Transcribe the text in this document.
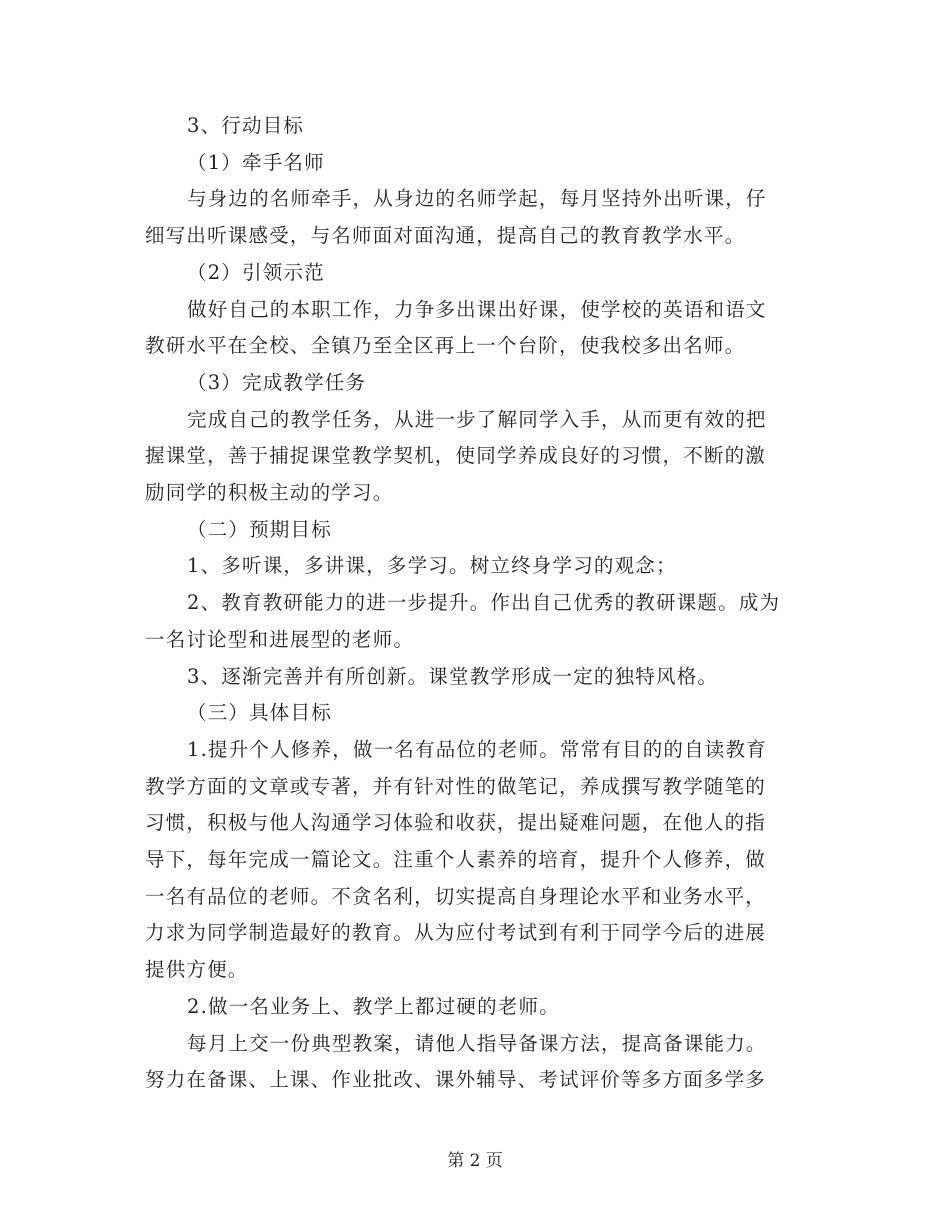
3、行动目标

（1）牵手名师

与身边的名师牵手，从身边的名师学起，每月坚持外出听课，仔

细写出听课感受，与名师面对面沟通，提高自己的教育教学水平。

（2）引领示范

做好自己的本职工作，力争多出课出好课，使学校的英语和语文

教研水平在全校、全镇乃至全区再上一个台阶，使我校多出名师。

（3）完成教学任务

完成自己的教学任务，从进一步了解同学入手，从而更有效的把

握课堂，善于捕捉课堂教学契机，使同学养成良好的习惯，不断的激

励同学的积极主动的学习。

（二）预期目标

1、多听课，多讲课，多学习。树立终身学习的观念；

2、教育教研能力的进一步提升。作出自己优秀的教研课题。成为

一名讨论型和进展型的老师。

3、逐渐完善并有所创新。课堂教学形成一定的独特风格。

（三）具体目标

1.提升个人修养，做一名有品位的老师。常常有目的的自读教育

教学方面的文章或专著，并有针对性的做笔记，养成撰写教学随笔的

习惯，积极与他人沟通学习体验和收获，提出疑难问题，在他人的指

导下，每年完成一篇论文。注重个人素养的培育，提升个人修养，做

一名有品位的老师。不贪名利，切实提高自身理论水平和业务水平，

力求为同学制造最好的教育。从为应付考试到有利于同学今后的进展

提供方便。

2.做一名业务上、教学上都过硬的老师。

每月上交一份典型教案，请他人指导备课方法，提高备课能力。

努力在备课、上课、作业批改、课外辅导、考试评价等多方面多学多

第 2 页
